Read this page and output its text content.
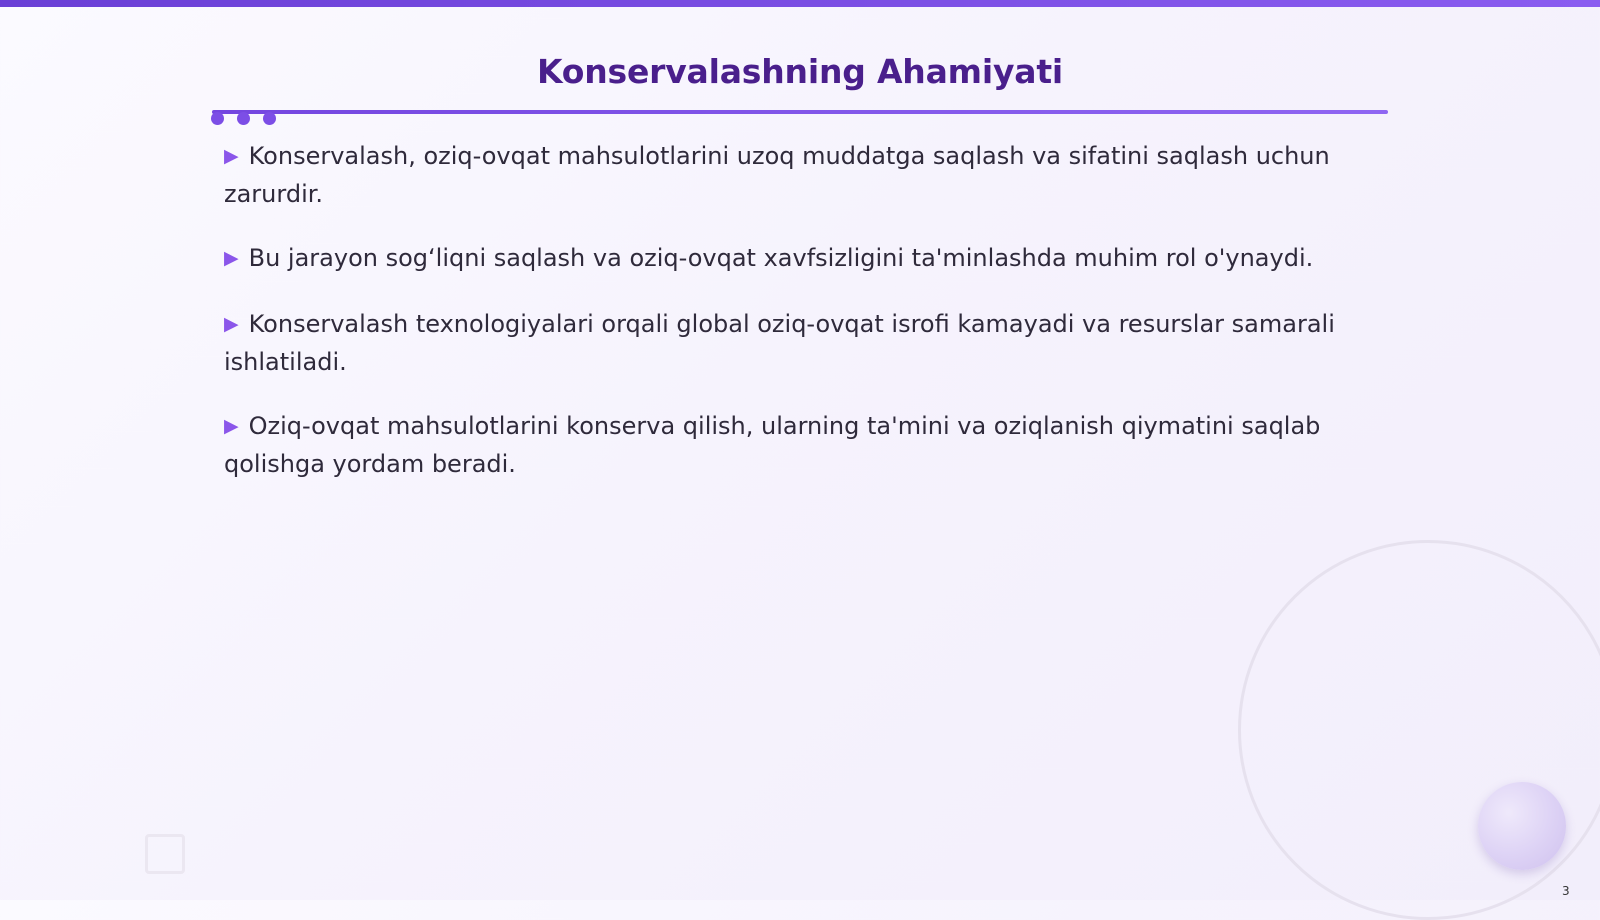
Konservalashning Ahamiyati
▶ Konservalash, oziq-ovqat mahsulotlarini uzoq muddatga saqlash va sifatini saqlash uchun zarurdir.
▶ Bu jarayon sogʻliqni saqlash va oziq-ovqat xavfsizligini ta'minlashda muhim rol o'ynaydi.
▶ Konservalash texnologiyalari orqali global oziq-ovqat isrofi kamayadi va resurslar samarali ishlatiladi.
▶ Oziq-ovqat mahsulotlarini konserva qilish, ularning ta'mini va oziqlanish qiymatini saqlab qolishga yordam beradi.
3
